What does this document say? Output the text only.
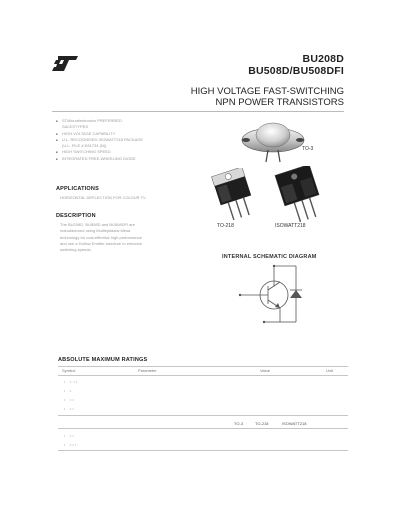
BU208D
BU508D/BU508DFI
HIGH VOLTAGE FAST-SWITCHING
NPN POWER TRANSISTORS
■ STMicroelectronics PREFERRED
SALESTYPES
■ HIGH VOLTAGE CAPABILITY
■ U.L. RECOGNISED ISOWATT218 PACKAGE
(U.L. FILE # E81734 (N))
■ HIGH SWITCHING SPEED
■ INTEGRATED FREE-WHEELING DIODE
APPLICATIONS
HORIZONTAL DEFLECTION FOR COLOUR TV
DESCRIPTION
The BU208D, BU508D and BU508DFI are
manufactured using Multiepitaxial Mesa
technology for cost-effective high performance
and use a Hollow Emitter structure to enhance
switching speeds.
TO-3
TO-218	ISOWATT218
INTERNAL SCHEMATIC DIAGRAM
ABSOLUTE MAXIMUM RATINGS
Symbol	Parameter	Value	Unit
•    •  • •
•    •
•    • •
•    • •
TO-3	TO-218	ISOWATT218
•    • •
•    • • •
